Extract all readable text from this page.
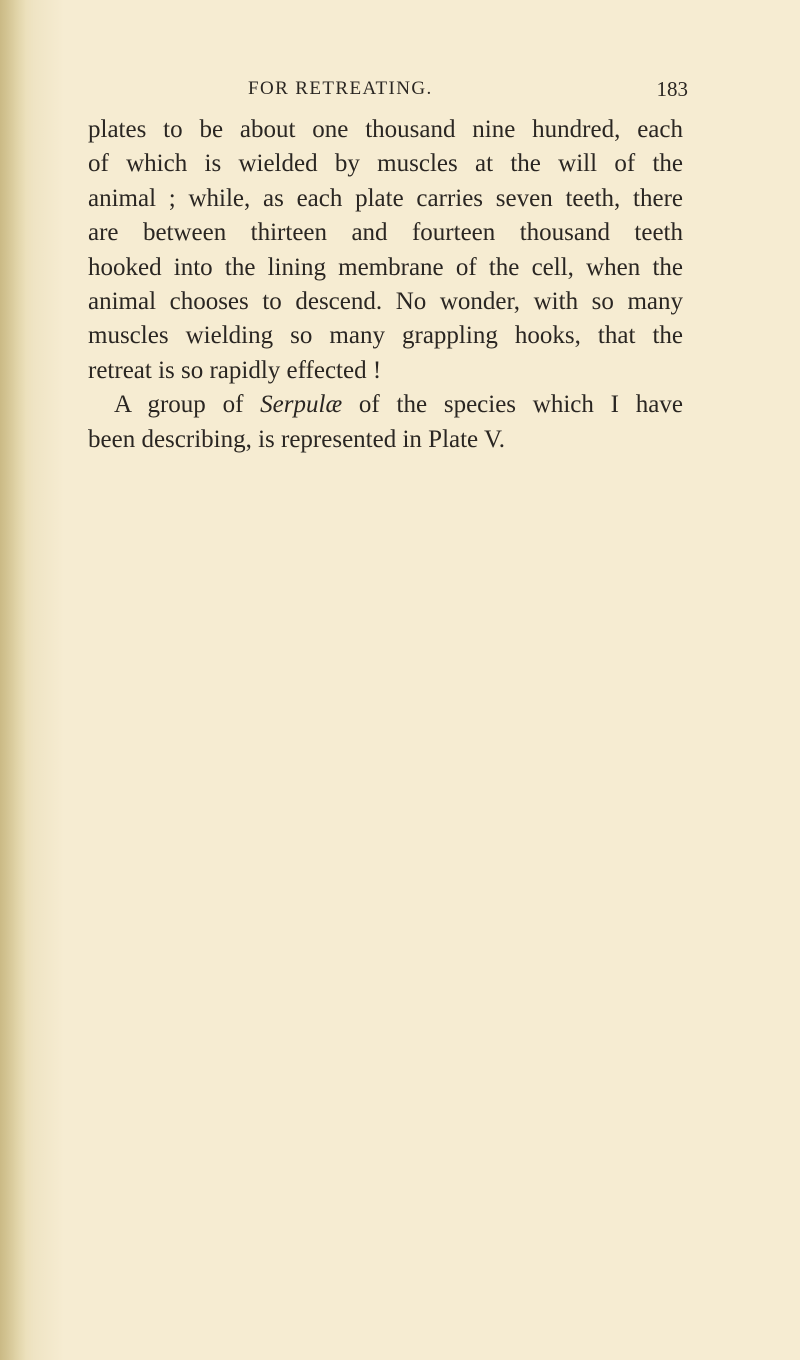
FOR RETREATING.	183
plates to be about one thousand nine hundred, each
of which is wielded by muscles at the will of the
animal ; while, as each plate carries seven teeth, there
are between thirteen and fourteen thousand teeth
hooked into the lining membrane of the cell, when the
animal chooses to descend. No wonder, with so many
muscles wielding so many grappling hooks, that the
retreat is so rapidly effected !
A group of Serpulæ of the species which I have
been describing, is represented in Plate V.
